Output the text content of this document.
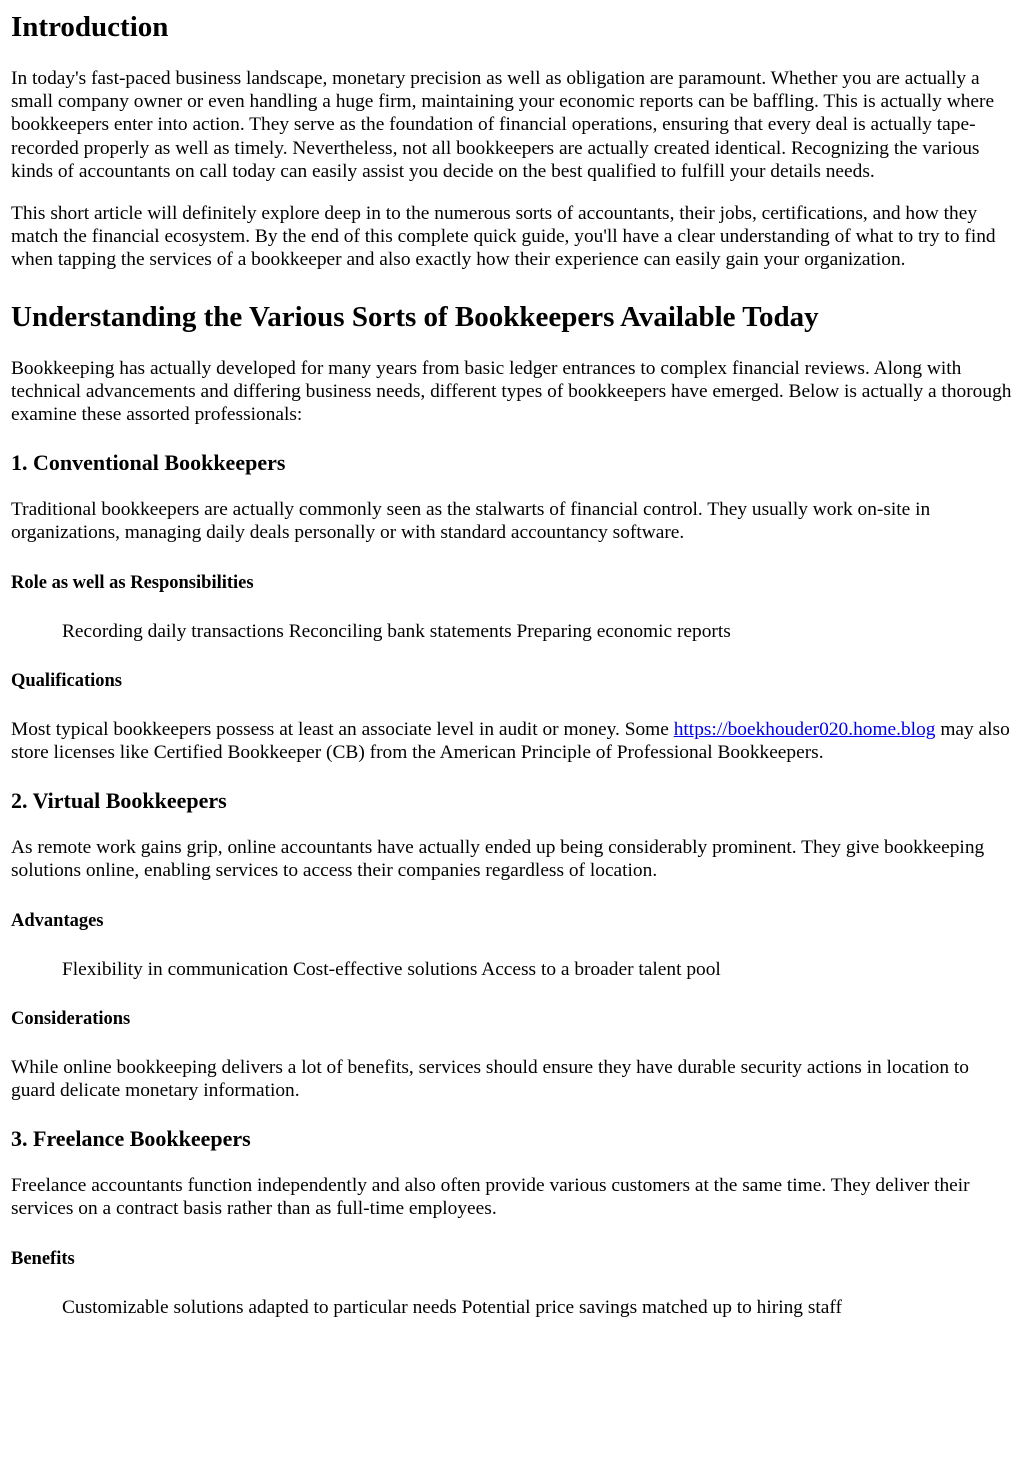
Introduction

In today's fast-paced business landscape, monetary precision as well as obligation are paramount. Whether you are actually a small company owner or even handling a huge firm, maintaining your economic reports can be baffling. This is actually where bookkeepers enter into action. They serve as the foundation of financial operations, ensuring that every deal is actually tape-recorded properly as well as timely. Nevertheless, not all bookkeepers are actually created identical. Recognizing the various kinds of accountants on call today can easily assist you decide on the best qualified to fulfill your details needs.

This short article will definitely explore deep in to the numerous sorts of accountants, their jobs, certifications, and how they match the financial ecosystem. By the end of this complete quick guide, you'll have a clear understanding of what to try to find when tapping the services of a bookkeeper and also exactly how their experience can easily gain your organization.

Understanding the Various Sorts of Bookkeepers Available Today

Bookkeeping has actually developed for many years from basic ledger entrances to complex financial reviews. Along with technical advancements and differing business needs, different types of bookkeepers have emerged. Below is actually a thorough examine these assorted professionals:

1. Conventional Bookkeepers

Traditional bookkeepers are actually commonly seen as the stalwarts of financial control. They usually work on-site in organizations, managing daily deals personally or with standard accountancy software.

Role as well as Responsibilities
Recording daily transactions Reconciling bank statements Preparing economic reports
Qualifications

Most typical bookkeepers possess at least an associate level in audit or money. Some https://boekhouder020.home.blog may also store licenses like Certified Bookkeeper (CB) from the American Principle of Professional Bookkeepers.

2. Virtual Bookkeepers

As remote work gains grip, online accountants have actually ended up being considerably prominent. They give bookkeeping solutions online, enabling services to access their companies regardless of location.

Advantages
Flexibility in communication Cost-effective solutions Access to a broader talent pool
Considerations

While online bookkeeping delivers a lot of benefits, services should ensure they have durable security actions in location to guard delicate monetary information.

3. Freelance Bookkeepers

Freelance accountants function independently and also often provide various customers at the same time. They deliver their services on a contract basis rather than as full-time employees.

Benefits
Customizable solutions adapted to particular needs Potential price savings matched up to hiring staff
